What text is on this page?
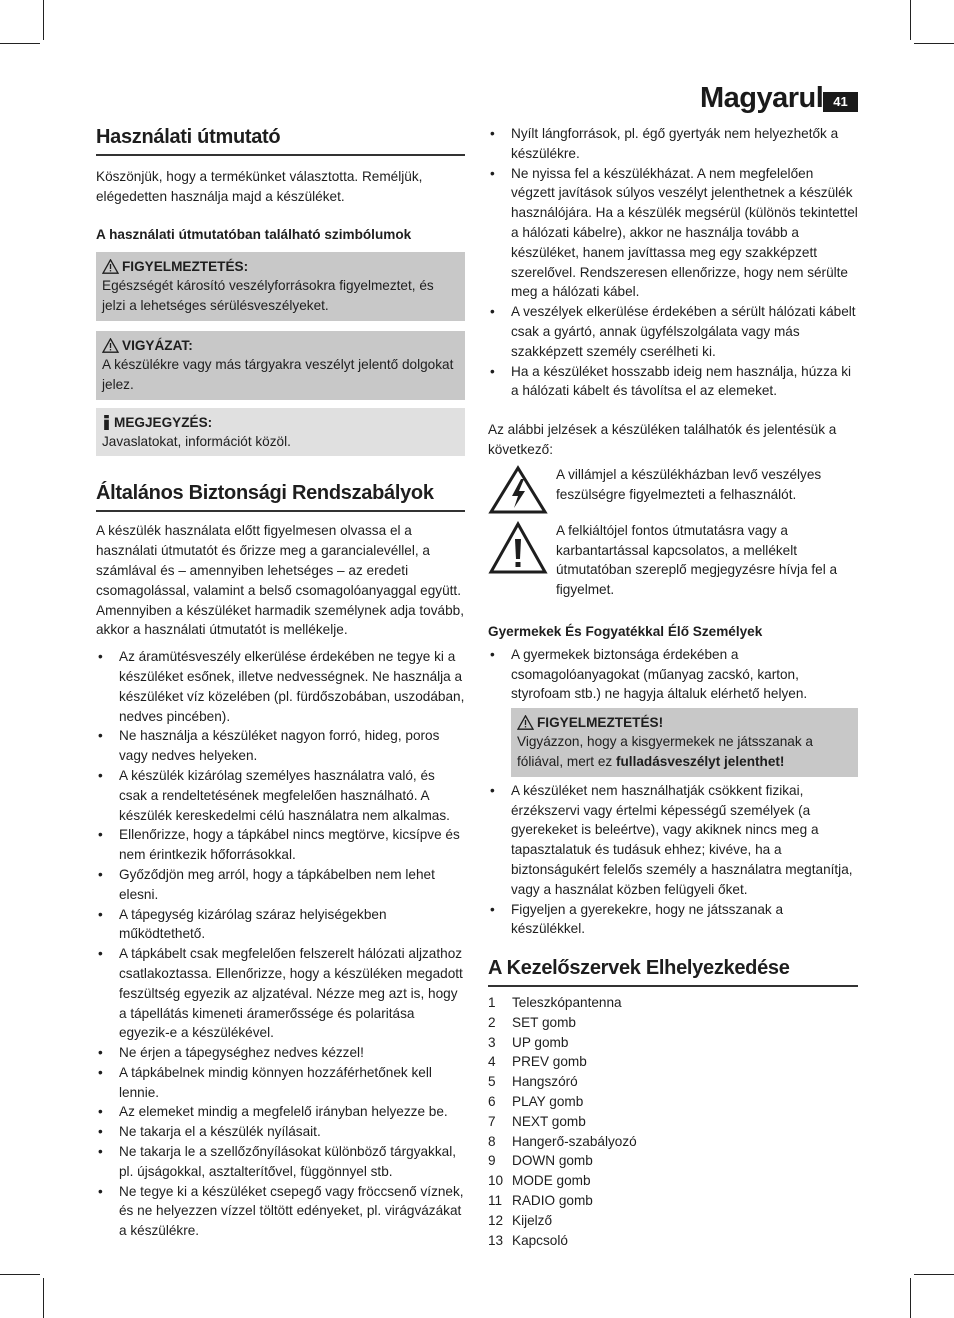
Magyarul 41
Használati útmutató

Köszönjük, hogy a termékünket választotta. Reméljük, elégedetten használja majd a készüléket.

A használati útmutatóban található szimbólumok

FIGYELMEZTETÉS:
Egészségét károsító veszélyforrásokra figyelmeztet, és jelzi a lehetséges sérülésveszélyeket.
VIGYÁZAT:
A készülékre vagy más tárgyakra veszélyt jelentő dolgokat jelez.
MEGJEGYZÉS:
Javaslatokat, információt közöl.
Általános Biztonsági Rendszabályok

A készülék használata előtt figyelmesen olvassa el a használati útmutatót és őrizze meg a garancialevéllel, a számlával és – amennyiben lehetséges – az eredeti csomagolással, valamint a belső csomagolóanyaggal együtt. Amennyiben a készüléket harmadik személynek adja tovább, akkor a használati útmutatót is mellékelje.

• Az áramütésveszély elkerülése érdekében ne tegye ki a készüléket esőnek, illetve nedvességnek. Ne használja a készüléket víz közelében (pl. fürdőszobában, uszodában, nedves pincében).
• Ne használja a készüléket nagyon forró, hideg, poros vagy nedves helyeken.
• A készülék kizárólag személyes használatra való, és csak a rendeltetésének megfelelően használható. A készülék kereskedelmi célú használatra nem alkalmas.
• Ellenőrizze, hogy a tápkábel nincs megtörve, kicsípve és nem érintkezik hőforrásokkal.
• Győződjön meg arról, hogy a tápkábelben nem lehet elesni.
• A tápegység kizárólag száraz helyiségekben működtethető.
• A tápkábelt csak megfelelően felszerelt hálózati aljzathoz csatlakoztassa. Ellenőrizze, hogy a készüléken megadott feszültség egyezik az aljzatéval. Nézze meg azt is, hogy a tápellátás kimeneti áramerőssége és polaritása egyezik-e a készülékével.
• Ne érjen a tápegységhez nedves kézzel!
• A tápkábelnek mindig könnyen hozzáférhetőnek kell lennie.
• Az elemeket mindig a megfelelő irányban helyezze be.
• Ne takarja el a készülék nyílásait.
• Ne takarja le a szellőzőnyílásokat különböző tárgyakkal, pl. újságokkal, asztalterítővel, függönnyel stb.
• Ne tegye ki a készüléket csepegő vagy fröccsenő víznek, és ne helyezzen vízzel töltött edényeket, pl. virágvázákat a készülékre.
• Nyílt lángforrások, pl. égő gyertyák nem helyezhetők a készülékre.
• Ne nyissa fel a készülékházat. A nem megfelelően végzett javítások súlyos veszélyt jelenthetnek a készülék használójára. Ha a készülék megsérül (különös tekintettel a hálózati kábelre), akkor ne használja tovább a készüléket, hanem javíttassa meg egy szakképzett szerelővel. Rendszeresen ellenőrizze, hogy nem sérülte meg a hálózati kábel.
• A veszélyek elkerülése érdekében a sérült hálózati kábelt csak a gyártó, annak ügyfélszolgálata vagy más szakképzett személy cserélheti ki.
• Ha a készüléket hosszabb ideig nem használja, húzza ki a hálózati kábelt és távolítsa el az elemeket.

Az alábbi jelzések a készüléken találhatók és jelentésük a következő:

A villámjel a készülékházban levő veszélyes feszülségre figyelmezteti a felhasználót.

A felkiáltójel fontos útmutatásra vagy a karbantartással kapcsolatos, a mellékelt útmutatóban szereplő megjegyzésre hívja fel a figyelmet.

Gyermekek És Fogyatékkal Élő Személyek

• A gyermekek biztonsága érdekében a csomagolóanyagokat (műanyag zacskó, karton, styrofoam stb.) ne hagyja általuk elérhető helyen.
FIGYELMEZTETÉS!
Vigyázzon, hogy a kisgyermekek ne játsszanak a fóliával, mert ez fulladásveszélyt jelenthet!
• A készüléket nem használhatják csökkent fizikai, érzékszervi vagy értelmi képességű személyek (a gyerekeket is beleértve), vagy akiknek nincs meg a tapasztalatuk és tudásuk ehhez; kivéve, ha a biztonságukért felelős személy a használatra megtanítja, vagy a használat közben felügyeli őket.
• Figyeljen a gyerekekre, hogy ne játsszanak a készülékkel.
A Kezelőszervek Elhelyezkedése
1	Teleszkópantenna
2	SET gomb
3	UP gomb
4	PREV gomb
5	Hangszóró
6	PLAY gomb
7	NEXT gomb
8	Hangerő-szabályozó
9	DOWN gomb
10 MODE gomb
11 RADIO gomb
12 Kijelző
13 Kapcsoló
